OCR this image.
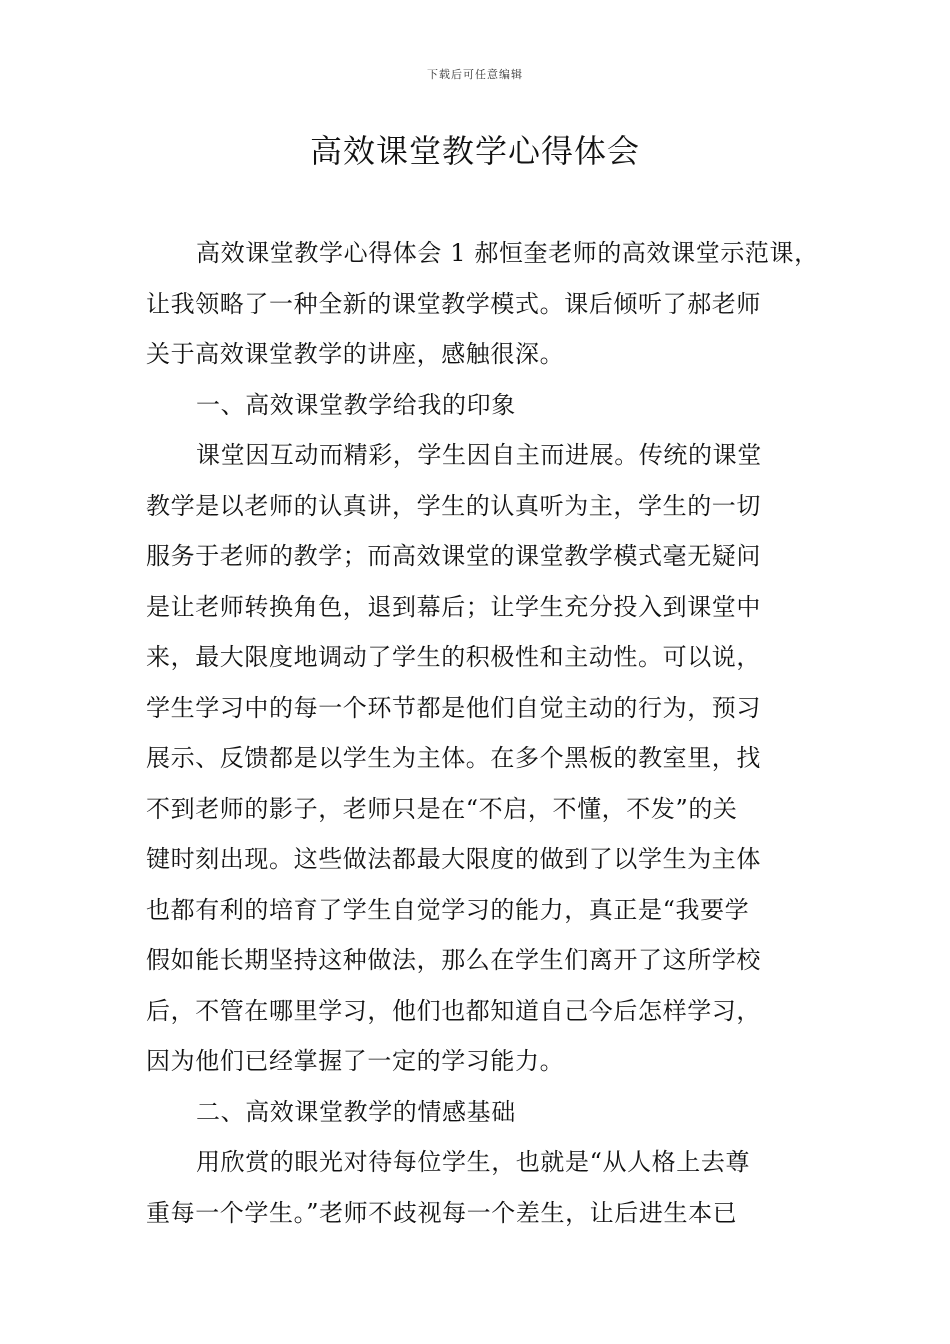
下载后可任意编辑
高效课堂教学心得体会
高效课堂教学心得体会 1 郝恒奎老师的高效课堂示范课，
让我领略了一种全新的课堂教学模式。课后倾听了郝老师
关于高效课堂教学的讲座，感触很深。
一、高效课堂教学给我的印象
课堂因互动而精彩，学生因自主而进展。传统的课堂
教学是以老师的认真讲，学生的认真听为主，学生的一切
服务于老师的教学；而高效课堂的课堂教学模式毫无疑问
是让老师转换角色，退到幕后；让学生充分投入到课堂中
来，最大限度地调动了学生的积极性和主动性。可以说，
学生学习中的每一个环节都是他们自觉主动的行为，预习
展示、反馈都是以学生为主体。在多个黑板的教室里，找
不到老师的影子，老师只是在“不启，不懂，不发”的关
键时刻出现。这些做法都最大限度的做到了以学生为主体
也都有利的培育了学生自觉学习的能力，真正是“我要学
假如能长期坚持这种做法，那么在学生们离开了这所学校
后，不管在哪里学习，他们也都知道自己今后怎样学习，
因为他们已经掌握了一定的学习能力。
二、高效课堂教学的情感基础
用欣赏的眼光对待每位学生，也就是“从人格上去尊
重每一个学生。”老师不歧视每一个差生，让后进生本已
